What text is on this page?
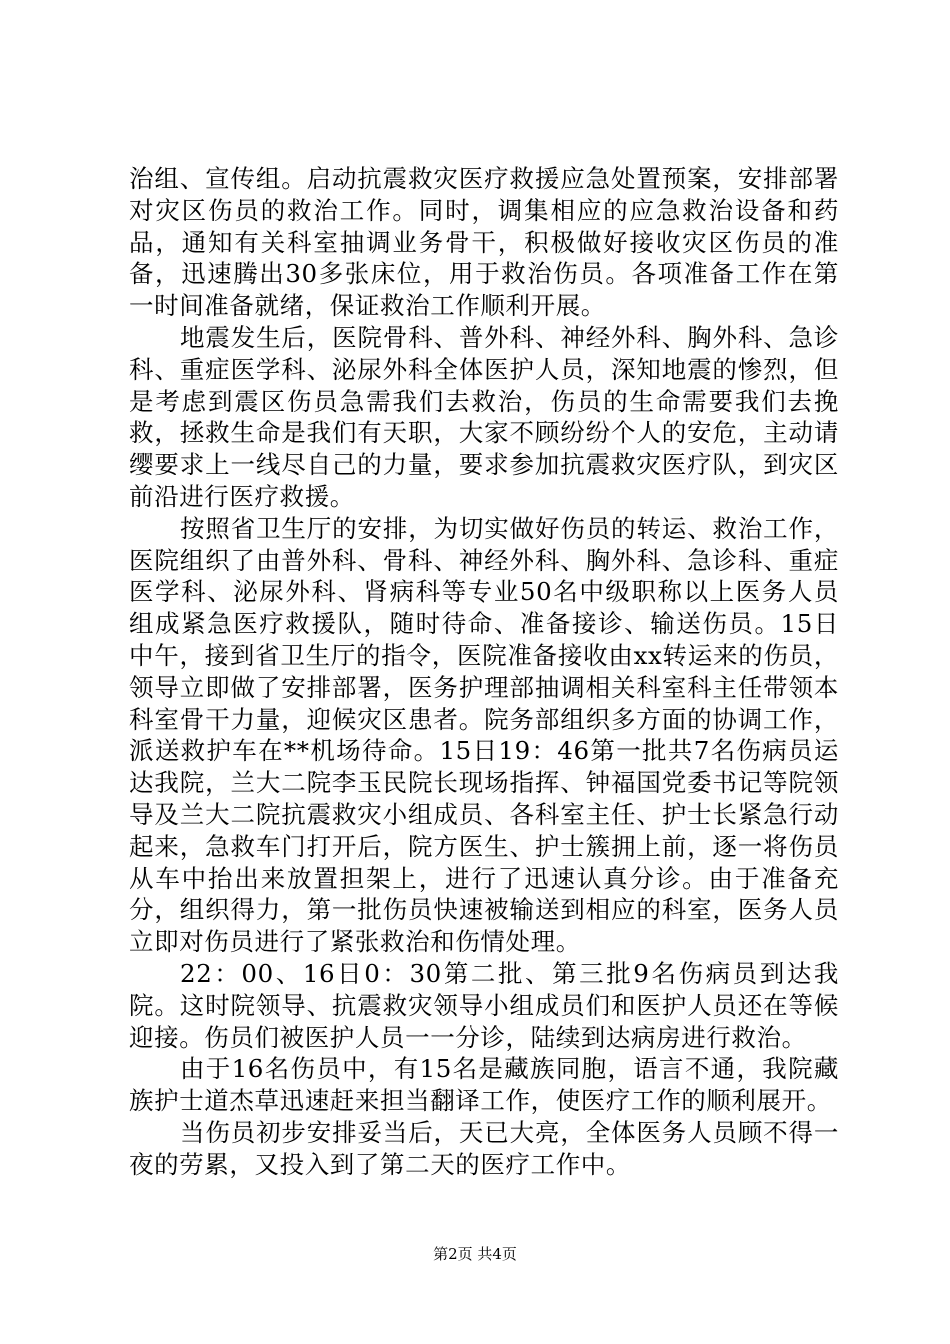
治组、宣传组。启动抗震救灾医疗救援应急处置预案，安排部署对灾区伤员的救治工作。同时，调集相应的应急救治设备和药品，通知有关科室抽调业务骨干，积极做好接收灾区伤员的准备，迅速腾出30多张床位，用于救治伤员。各项准备工作在第一时间准备就绪，保证救治工作顺利开展。

地震发生后，医院骨科、普外科、神经外科、胸外科、急诊科、重症医学科、泌尿外科全体医护人员，深知地震的惨烈，但是考虑到震区伤员急需我们去救治，伤员的生命需要我们去挽救，拯救生命是我们有天职，大家不顾纷纷个人的安危，主动请缨要求上一线尽自己的力量，要求参加抗震救灾医疗队，到灾区前沿进行医疗救援。

按照省卫生厅的安排，为切实做好伤员的转运、救治工作，医院组织了由普外科、骨科、神经外科、胸外科、急诊科、重症医学科、泌尿外科、肾病科等专业50名中级职称以上医务人员组成紧急医疗救援队，随时待命、准备接诊、输送伤员。15日中午，接到省卫生厅的指令，医院准备接收由xx转运来的伤员，领导立即做了安排部署，医务护理部抽调相关科室科主任带领本科室骨干力量，迎候灾区患者。院务部组织多方面的协调工作，派送救护车在**机场待命。15日19：46第一批共7名伤病员运达我院，兰大二院李玉民院长现场指挥、钟福国党委书记等院领导及兰大二院抗震救灾小组成员、各科室主任、护士长紧急行动起来，急救车门打开后，院方医生、护士簇拥上前，逐一将伤员从车中抬出来放置担架上，进行了迅速认真分诊。由于准备充分，组织得力，第一批伤员快速被输送到相应的科室，医务人员立即对伤员进行了紧张救治和伤情处理。

22：00、16日0：30第二批、第三批9名伤病员到达我院。这时院领导、抗震救灾领导小组成员们和医护人员还在等候迎接。伤员们被医护人员一一分诊，陆续到达病房进行救治。

由于16名伤员中，有15名是藏族同胞，语言不通，我院藏族护士道杰草迅速赶来担当翻译工作，使医疗工作的顺利展开。

当伤员初步安排妥当后，天已大亮，全体医务人员顾不得一夜的劳累，又投入到了第二天的医疗工作中。

第2页 共4页
